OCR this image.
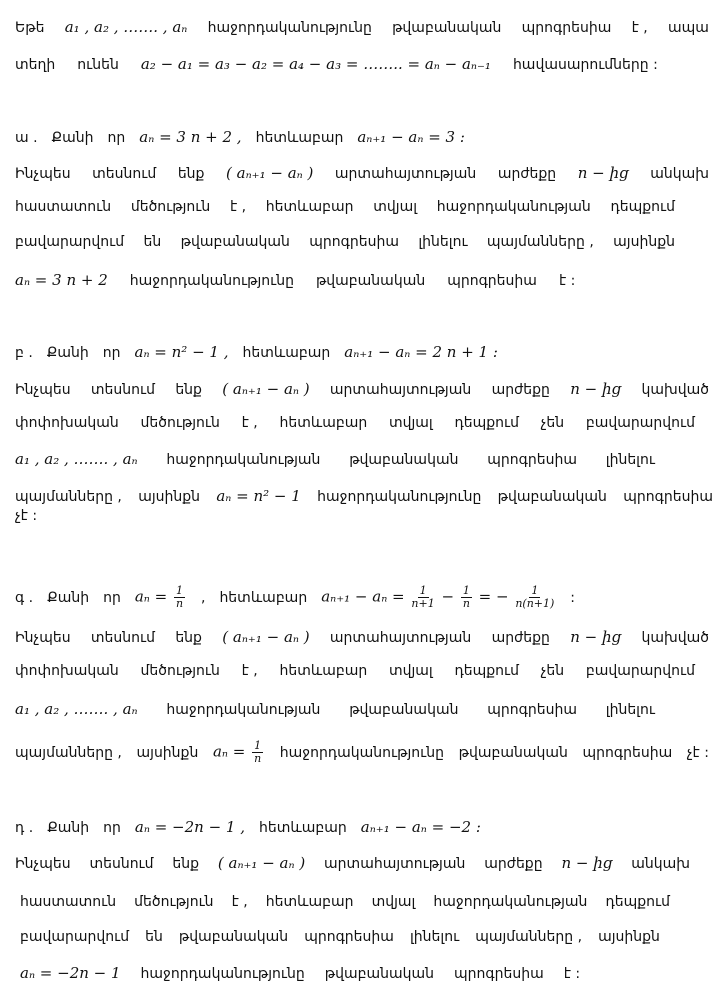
Եթե a₁ , a₂ , ……. , aₙ հաջորդականությունը թվաբանական պրոգրեսիա է , ապա
տեղի ունեն a₂ − a₁ = a₃ − a₂ = a₄ − a₃ = …….. = aₙ − aₙ₋₁ հավասարումները :
ա . Քանի որ aₙ = 3 n + 2 , հետևաբար aₙ₊₁ − aₙ = 3 :
Ինչպես տեսնում ենք ( aₙ₊₁ − aₙ ) արտահայտության արժեքը n − ից անկախ
հաստատուն մեծություն է , հետևաբար տվյալ հաջորդականության դեպքում
բավարարվում են թվաբանական պրոգրեսիա լինելու պայմանները , այսինքն
aₙ = 3 n + 2 հաջորդականությունը թվաբանական պրոգրեսիա է :
բ . Քանի որ aₙ = n² − 1 , հետևաբար aₙ₊₁ − aₙ = 2 n + 1 :
Ինչպես տեսնում ենք ( aₙ₊₁ − aₙ ) արտահայտության արժեքը n − ից կախված
փոփոխական մեծություն է , հետևաբար տվյալ դեպքում չեն բավարարվում
a₁ , a₂ , ……. , aₙ հաջորդականության թվաբանական պրոգրեսիա լինելու
պայմանները , այսինքն aₙ = n² − 1 հաջորդականությունը թվաբանական պրոգրեսիա
չէ :
գ . Քանի որ $a_n = \frac{1}{n}$ , հետևաբար $a_{n+1} - a_n = \frac{1}{n+1} - \frac{1}{n}$ = − $\frac{1}{n(n+1)}$ :
Ինչպես տեսնում ենք ( aₙ₊₁ − aₙ ) արտահայտության արժեքը n − ից կախված
փոփոխական մեծություն է , հետևաբար տվյալ դեպքում չեն բավարարվում
a₁ , a₂ , ……. , aₙ հաջորդականության թվաբանական պրոգրեսիա լինելու
պայմանները , այսինքն $a_n = \frac{1}{n}$ հաջորդականությունը թվաբանական պրոգրեսիա չէ :
դ . Քանի որ aₙ = −2n − 1 , հետևաբար aₙ₊₁ − aₙ = −2 :
Ինչպես տեսնում ենք ( aₙ₊₁ − aₙ ) արտահայտության արժեքը n − ից անկախ
հաստատուն մեծություն է , հետևաբար տվյալ հաջորդականության դեպքում
բավարարվում են թվաբանական պրոգրեսիա լինելու պայմանները , այսինքն
aₙ = −2n − 1 հաջորդականությունը թվաբանական պրոգրեսիա է :
